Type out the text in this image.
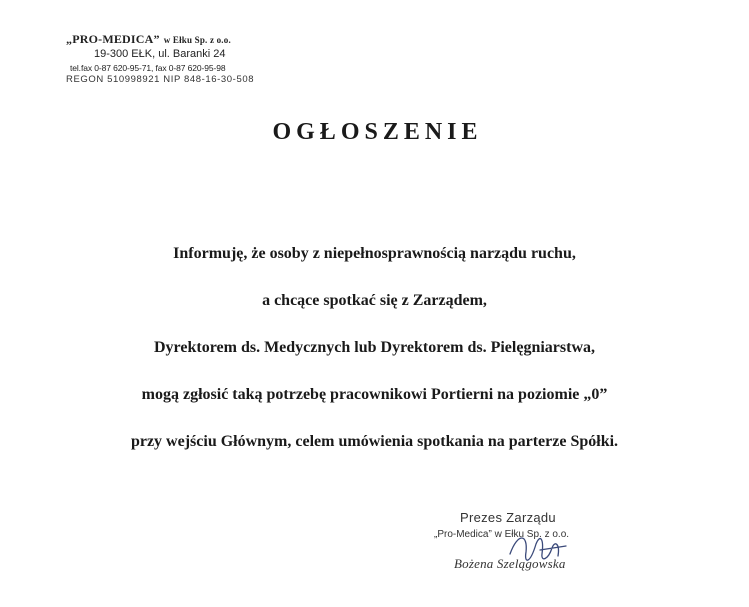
„PRO-MEDICA” w Ełku Sp. z o.o.
19-300 EŁK, ul. Baranki 24
tel.fax 0-87 620-95-71, fax 0-87 620-95-98
REGON 510998921 NIP 848-16-30-508
OGŁOSZENIE

Informuję, że osoby z niepełnosprawnością narządu ruchu,

a chcące spotkać się z Zarządem,

Dyrektorem ds. Medycznych lub Dyrektorem ds. Pielęgniarstwa,

mogą zgłosić taką potrzebę pracownikowi Portierni na poziomie „0”

przy wejściu Głównym, celem umówienia spotkania na parterze Spółki.

Prezes Zarządu
„Pro-Medica” w Ełku Sp. z o.o.
Bożena Szelągowska
